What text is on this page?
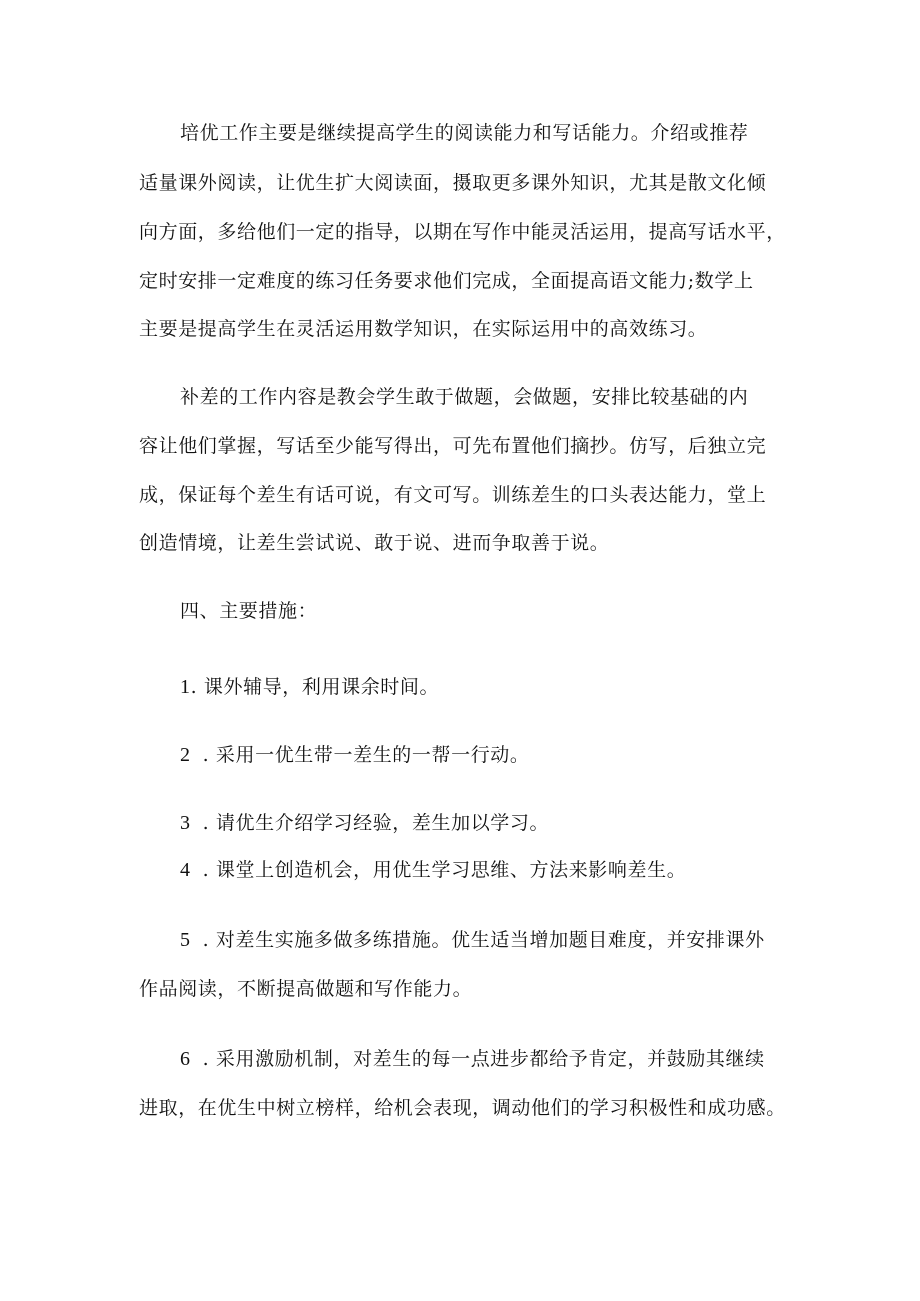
培优工作主要是继续提高学生的阅读能力和写话能力。介绍或推荐
适量课外阅读，让优生扩大阅读面，摄取更多课外知识，尤其是散文化倾
向方面，多给他们一定的指导，以期在写作中能灵活运用，提高写话水平，
定时安排一定难度的练习任务要求他们完成，全面提高语文能力;数学上
主要是提高学生在灵活运用数学知识，在实际运用中的高效练习。
补差的工作内容是教会学生敢于做题，会做题，安排比较基础的内
容让他们掌握，写话至少能写得出，可先布置他们摘抄。仿写，后独立完
成，保证每个差生有话可说，有文可写。训练差生的口头表达能力，堂上
创造情境，让差生尝试说、敢于说、进而争取善于说。
四、主要措施：
1. 课外辅导，利用课余时间。
2 . 采用一优生带一差生的一帮一行动。
3 . 请优生介绍学习经验，差生加以学习。
4 . 课堂上创造机会，用优生学习思维、方法来影响差生。
5 . 对差生实施多做多练措施。优生适当增加题目难度，并安排课外
作品阅读，不断提高做题和写作能力。
6 . 采用激励机制，对差生的每一点进步都给予肯定，并鼓励其继续
进取，在优生中树立榜样，给机会表现，调动他们的学习积极性和成功感。
